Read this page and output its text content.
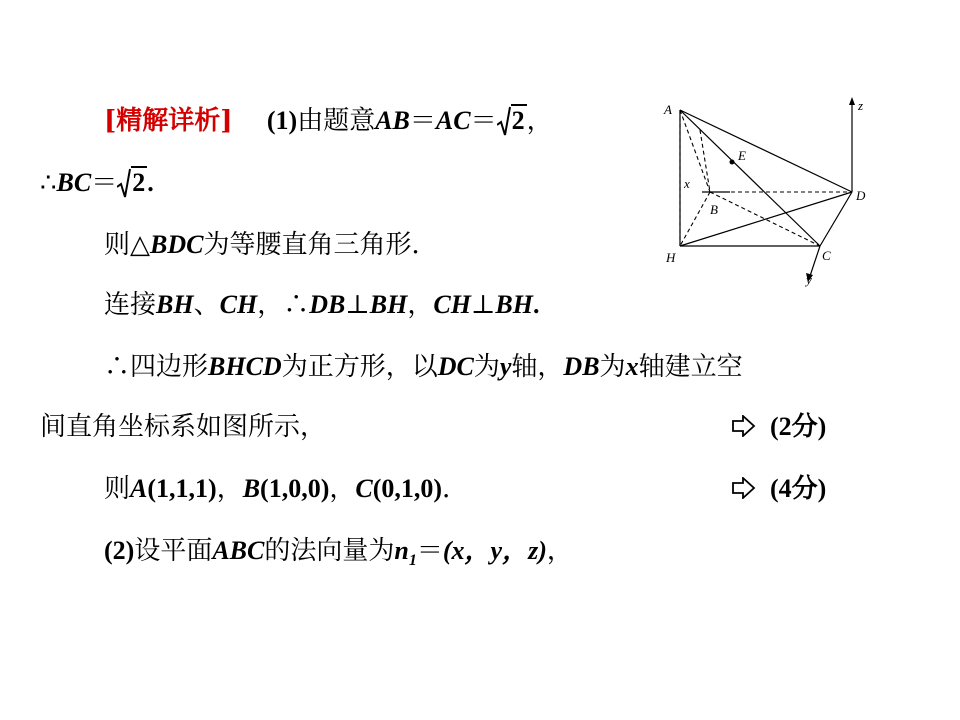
[精解详析] (1)由题意AB＝AC＝ 2，
∴BC＝ 2.
则△BDC为等腰直角三角形．
连接BH、CH，∴DB⊥BH，CH⊥BH.
∴四边形BHCD为正方形，以DC为y轴，DB为x轴建立空
间直角坐标系如图所示，	(2分)
则A(1,1,1)，B(1,0,0)，C(0,1,0)．	(4分)
(2)设平面ABC的法向量为$n_1=(x$，y，z)，
A
E
x
B
D
H	C
y
z
